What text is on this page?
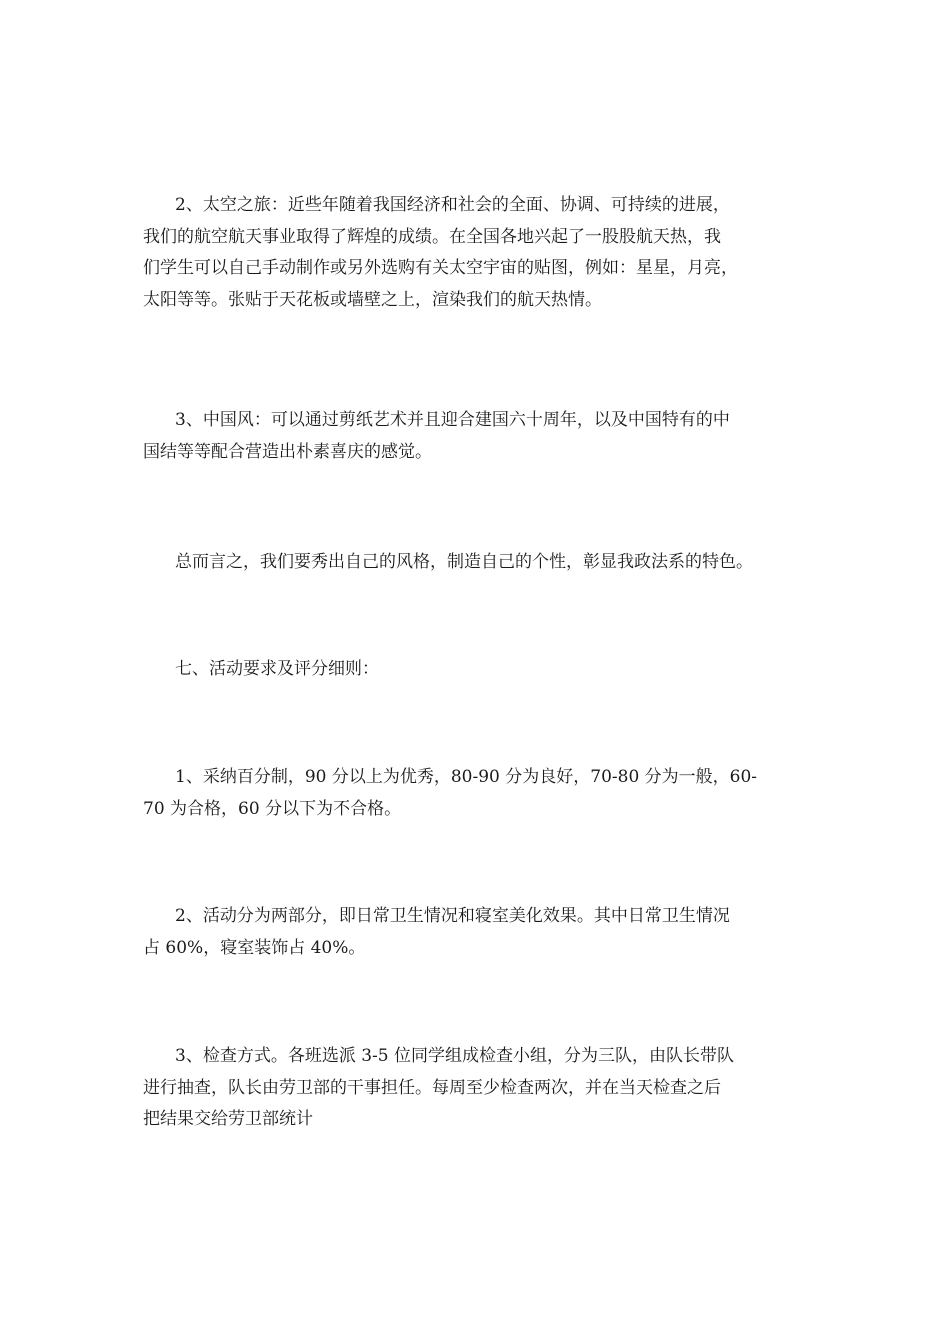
2、太空之旅：近些年随着我国经济和社会的全面、协调、可持续的进展，
我们的航空航天事业取得了辉煌的成绩。在全国各地兴起了一股股航天热，我
们学生可以自己手动制作或另外选购有关太空宇宙的贴图，例如：星星，月亮，
太阳等等。张贴于天花板或墙壁之上，渲染我们的航天热情。
3、中国风：可以通过剪纸艺术并且迎合建国六十周年，以及中国特有的中
国结等等配合营造出朴素喜庆的感觉。
总而言之，我们要秀出自己的风格，制造自己的个性，彰显我政法系的特色。
七、活动要求及评分细则：
1、采纳百分制，90 分以上为优秀，80-90 分为良好，70-80 分为一般，60-
70 为合格，60 分以下为不合格。
2、活动分为两部分，即日常卫生情况和寝室美化效果。其中日常卫生情况
占 60%，寝室装饰占 40%。
3、检查方式。各班选派 3-5 位同学组成检查小组，分为三队，由队长带队
进行抽查，队长由劳卫部的干事担任。每周至少检查两次，并在当天检查之后
把结果交给劳卫部统计
